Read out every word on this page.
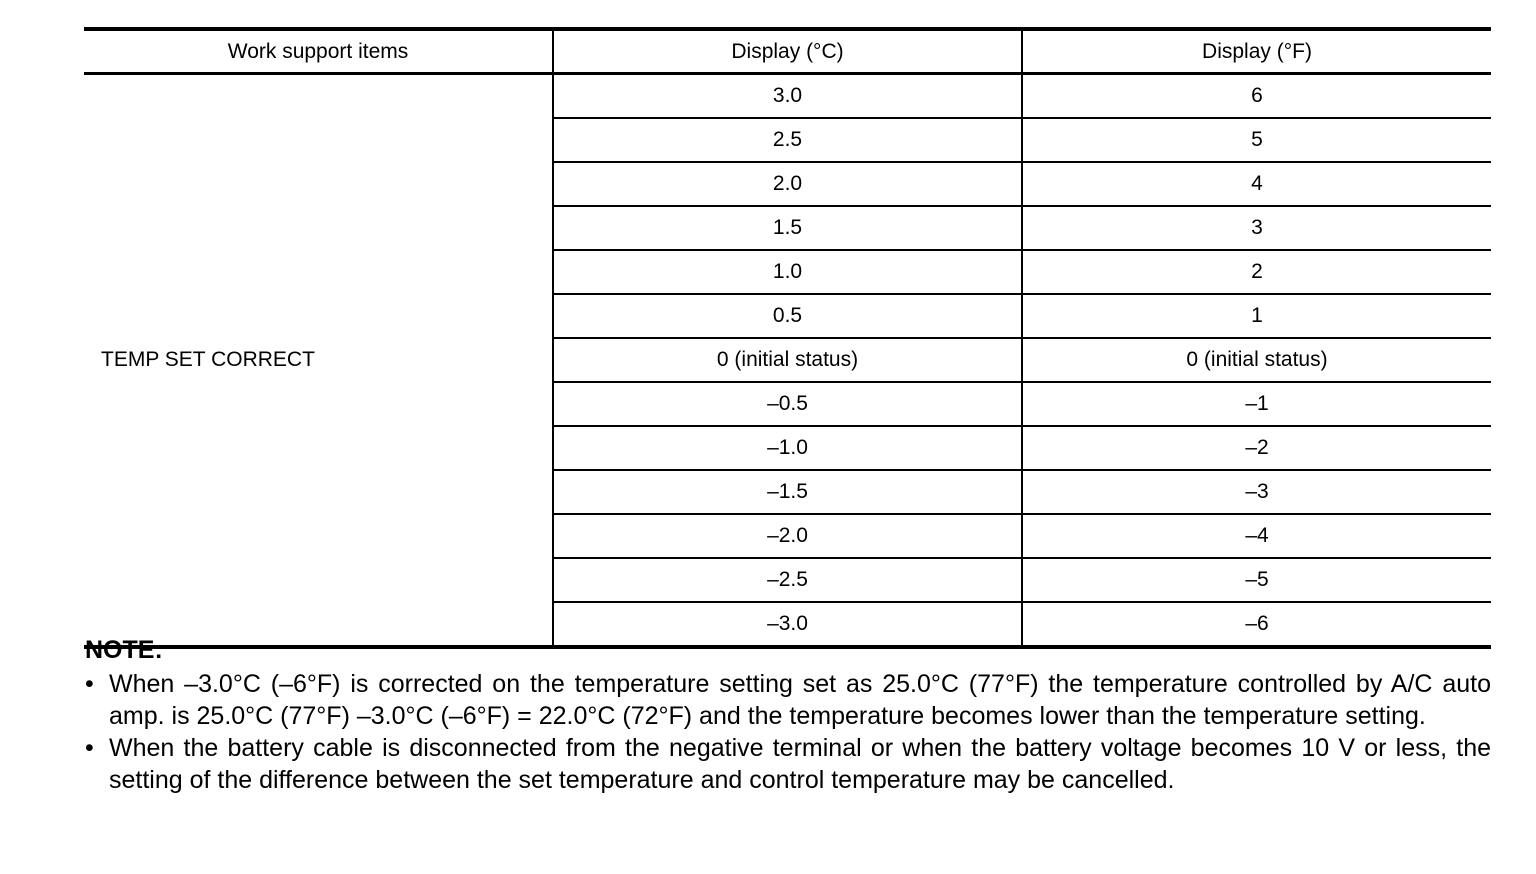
Work support items	Display (°C)	Display (°F)
TEMP SET CORRECT	3.0	6
	2.5	5
	2.0	4
	1.5	3
	1.0	2
	0.5	1
	0 (initial status)	0 (initial status)
	–0.5	–1
	–1.0	–2
	–1.5	–3
	–2.0	–4
	–2.5	–5
	–3.0	–6
NOTE:
• When –3.0°C (–6°F) is corrected on the temperature setting set as 25.0°C (77°F) the temperature controlled by A/C auto amp. is 25.0°C (77°F) –3.0°C (–6°F) = 22.0°C (72°F) and the temperature becomes lower than the temperature setting.
• When the battery cable is disconnected from the negative terminal or when the battery voltage becomes 10 V or less, the setting of the difference between the set temperature and control temperature may be cancelled.
